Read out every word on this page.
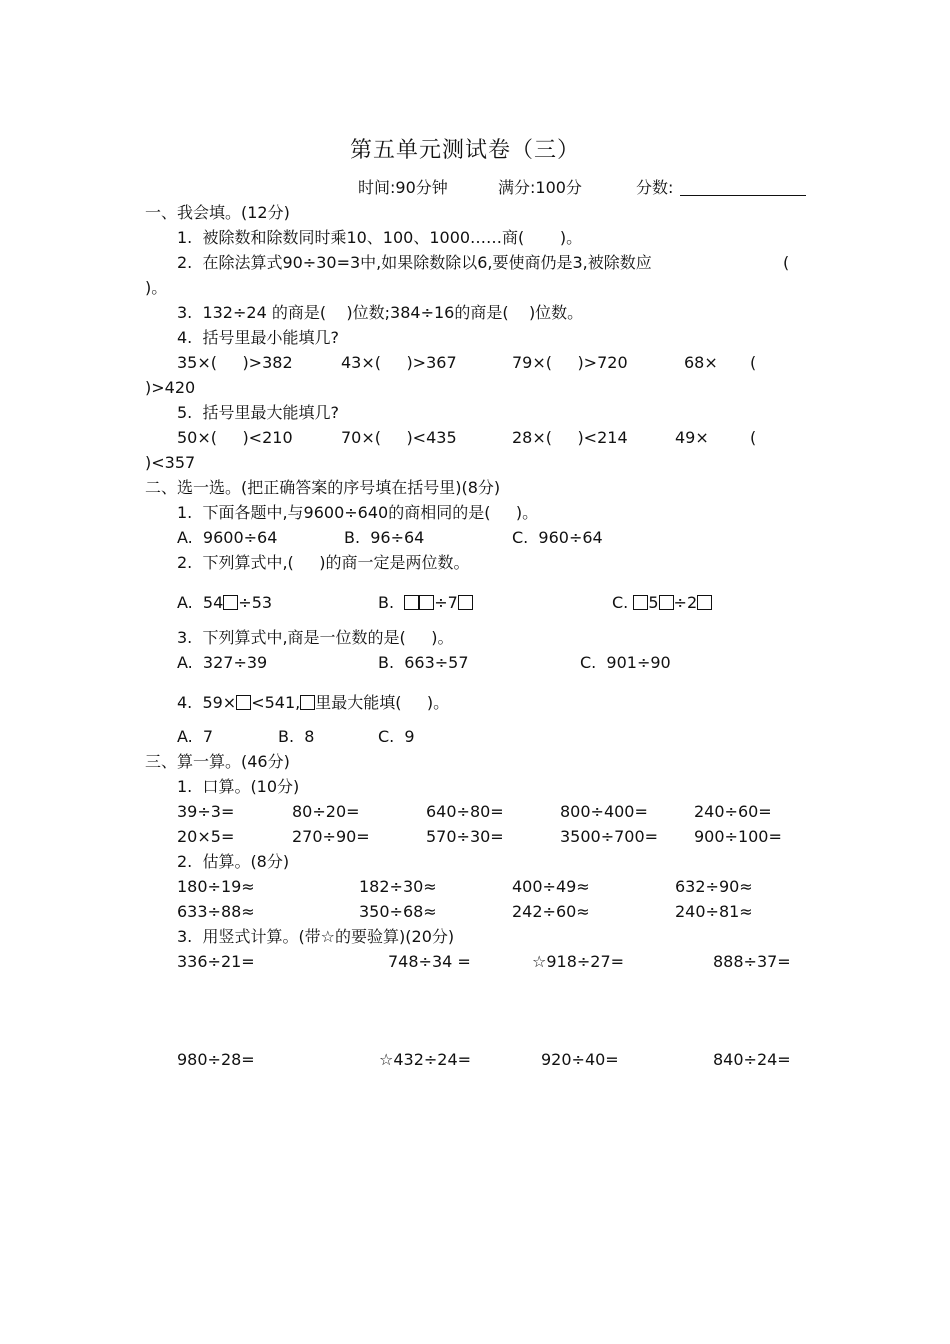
第五单元测试卷（三）
时间:90分钟	满分:100分	分数:
一、我会填。(12分)
1.  被除数和除数同时乘10、100、1000……商(       )。
2.  在除法算式90÷30=3中,如果除数除以6,要使商仍是3,被除数应	(
)。
3.  132÷24 的商是(    )位数;384÷16的商是(    )位数。
4.  括号里最小能填几?
35×(     )>382	43×(     )>367	79×(     )>720	68× (
)>420
5.  括号里最大能填几?
50×(     )<210	70×(     )<435	28×(     )<214	49×	(
)<357
二、选一选。(把正确答案的序号填在括号里)(8分)
1.  下面各题中,与9600÷640的商相同的是(     )。
A.  9600÷64	B.  96÷64	C.  960÷64
2.  下列算式中,(     )的商一定是两位数。
A.  54 ÷53	B.	÷7	C. 5 ÷2
3.  下列算式中,商是一位数的是(     )。
A.  327÷39	B.  663÷57	C.  901÷90
4.  59× <541, 里最大能填(     )。
A.  7	B.  8	C.  9
三、算一算。(46分)
1.  口算。(10分)
39÷3=	80÷20=	640÷80=	800÷400=	240÷60=
20×5=	270÷90=	570÷30=	3500÷700= 900÷100=
2.  估算。(8分)
180÷19≈	182÷30≈	400÷49≈	632÷90≈
633÷88≈	350÷68≈	242÷60≈	240÷81≈
3.  用竖式计算。(带☆的要验算)(20分)
336÷21=	748÷34 =	☆918÷27=	888÷37=
980÷28=	☆432÷24=	920÷40=	840÷24=
